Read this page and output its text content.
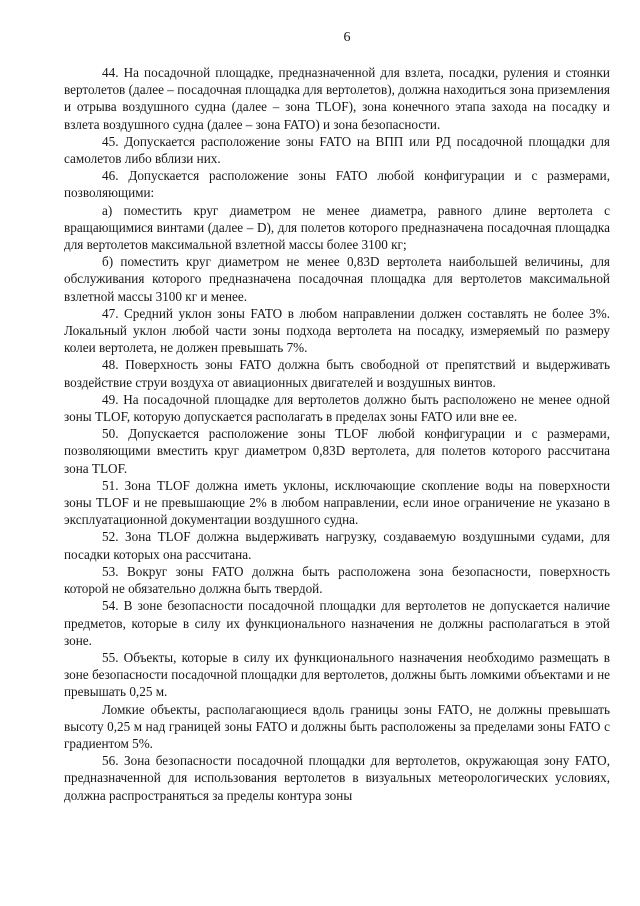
6

44. На посадочной площадке, предназначенной для взлета, посадки, руления и стоянки вертолетов (далее – посадочная площадка для вертолетов), должна находиться зона приземления и отрыва воздушного судна (далее – зона TLOF), зона конечного этапа захода на посадку и взлета воздушного судна (далее – зона FATO) и зона безопасности.

45. Допускается расположение зоны FATO на ВПП или РД посадочной площадки для самолетов либо вблизи них.

46. Допускается расположение зоны FATO любой конфигурации и с размерами, позволяющими:

а) поместить круг диаметром не менее диаметра, равного длине вертолета с вращающимися винтами (далее – D), для полетов которого предназначена посадочная площадка для вертолетов максимальной взлетной массы более 3100 кг;

б) поместить круг диаметром не менее 0,83D вертолета наибольшей величины, для обслуживания которого предназначена посадочная площадка для вертолетов максимальной взлетной массы 3100 кг и менее.

47. Средний уклон зоны FATO в любом направлении должен составлять не более 3%. Локальный уклон любой части зоны подхода вертолета на посадку, измеряемый по размеру колеи вертолета, не должен превышать 7%.

48. Поверхность зоны FATO должна быть свободной от препятствий и выдерживать воздействие струи воздуха от авиационных двигателей и воздушных винтов.

49. На посадочной площадке для вертолетов должно быть расположено не менее одной зоны TLOF, которую допускается располагать в пределах зоны FATO или вне ее.

50. Допускается расположение зоны TLOF любой конфигурации и с размерами, позволяющими вместить круг диаметром 0,83D вертолета, для полетов которого рассчитана зона TLOF.

51. Зона TLOF должна иметь уклоны, исключающие скопление воды на поверхности зоны TLOF и не превышающие 2% в любом направлении, если иное ограничение не указано в эксплуатационной документации воздушного судна.

52. Зона TLOF должна выдерживать нагрузку, создаваемую воздушными судами, для посадки которых она рассчитана.

53. Вокруг зоны FATO должна быть расположена зона безопасности, поверхность которой не обязательно должна быть твердой.

54. В зоне безопасности посадочной площадки для вертолетов не допускается наличие предметов, которые в силу их функционального назначения не должны располагаться в этой зоне.

55. Объекты, которые в силу их функционального назначения необходимо размещать в зоне безопасности посадочной площадки для вертолетов, должны быть ломкими объектами и не превышать 0,25 м.

Ломкие объекты, располагающиеся вдоль границы зоны FATO, не должны превышать высоту 0,25 м над границей зоны FATO и должны быть расположены за пределами зоны FATO с градиентом 5%.

56. Зона безопасности посадочной площадки для вертолетов, окружающая зону FATO, предназначенной для использования вертолетов в визуальных метеорологических условиях, должна распространяться за пределы контура зоны
